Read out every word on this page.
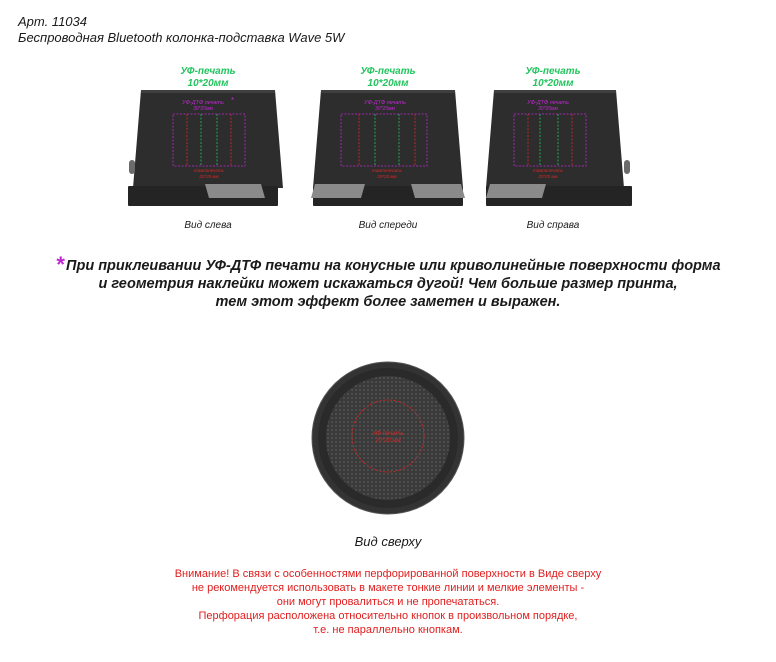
Арт. 11034
Беспроводная Bluetooth колонка-подставка Wave 5W
УФ-печать
10*20мм
УФ-ДТФ печать
30*20мм
*
тампопечать
20*20 мм
Вид слева
УФ-печать
10*20мм
УФ-ДТФ печать
30*20мм
тампопечать
20*20 мм
Вид спереди
УФ-печать
10*20мм
УФ-ДТФ печать
30*20мм
тампопечать
20*20 мм
Вид справа
* При приклеивании УФ-ДТФ печати на конусные или криволинейные поверхности форма
и геометрия наклейки может искажаться дугой! Чем больше размер принта,
тем этот эффект более заметен и выражен.
УФ-печать
20*20 мм
Вид сверху
Внимание! В связи с особенностями перфорированной поверхности в Виде сверху
не рекомендуется использовать в макете тонкие линии и мелкие элементы -
они могут провалиться и не пропечататься.
Перфорация расположена относительно кнопок в произвольном порядке,
т.е. не параллельно кнопкам.
